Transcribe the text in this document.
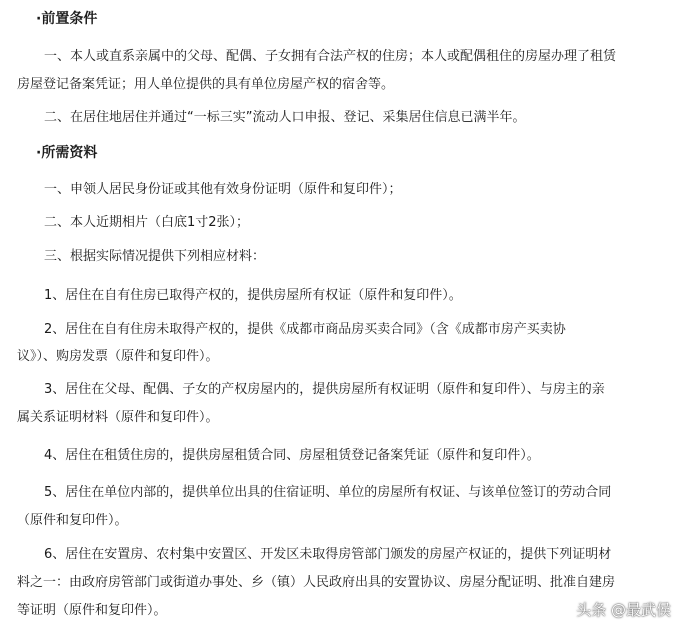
·前置条件
一、本人或直系亲属中的父母、配偶、子女拥有合法产权的住房；本人或配偶租住的房屋办理了租赁
房屋登记备案凭证；用人单位提供的具有单位房屋产权的宿舍等。
二、在居住地居住并通过“一标三实”流动人口申报、登记、采集居住信息已满半年。
·所需资料
一、申领人居民身份证或其他有效身份证明（原件和复印件）；
二、本人近期相片（白底1寸2张）；
三、根据实际情况提供下列相应材料：
1、居住在自有住房已取得产权的，提供房屋所有权证（原件和复印件）。
2、居住在自有住房未取得产权的，提供《成都市商品房买卖合同》（含《成都市房产买卖协
议》）、购房发票（原件和复印件）。
3、居住在父母、配偶、子女的产权房屋内的，提供房屋所有权证明（原件和复印件）、与房主的亲
属关系证明材料（原件和复印件）。
4、居住在租赁住房的，提供房屋租赁合同、房屋租赁登记备案凭证（原件和复印件）。
5、居住在单位内部的，提供单位出具的住宿证明、单位的房屋所有权证、与该单位签订的劳动合同
（原件和复印件）。
6、居住在安置房、农村集中安置区、开发区未取得房管部门颁发的房屋产权证的，提供下列证明材
料之一：由政府房管部门或街道办事处、乡（镇）人民政府出具的安置协议、房屋分配证明、批准自建房
等证明（原件和复印件）。	头条 @最武侯
